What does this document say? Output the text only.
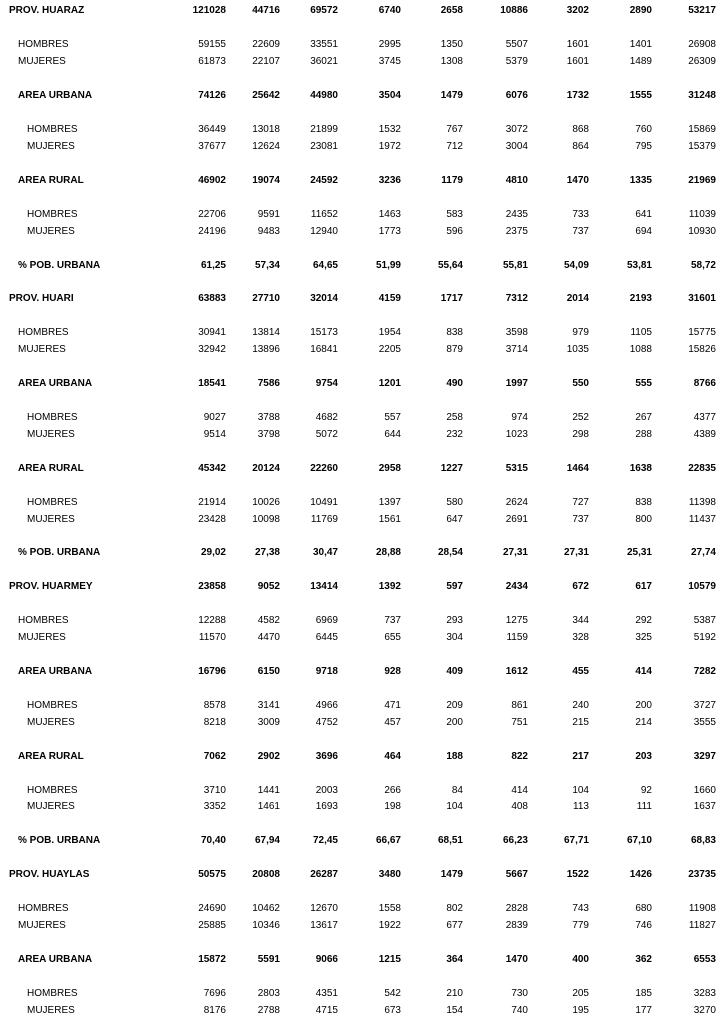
PROV. HUARAZ	121028	44716	69572	6740	2658	10886	3202	2890	53217
HOMBRES	59155	22609	33551	2995	1350	5507	1601	1401	26908
MUJERES	61873	22107	36021	3745	1308	5379	1601	1489	26309
AREA URBANA	74126	25642	44980	3504	1479	6076	1732	1555	31248
HOMBRES	36449	13018	21899	1532	767	3072	868	760	15869
MUJERES	37677	12624	23081	1972	712	3004	864	795	15379
AREA RURAL	46902	19074	24592	3236	1179	4810	1470	1335	21969
HOMBRES	22706	9591	11652	1463	583	2435	733	641	11039
MUJERES	24196	9483	12940	1773	596	2375	737	694	10930
% POB. URBANA	61,25	57,34	64,65	51,99	55,64	55,81	54,09	53,81	58,72
PROV. HUARI	63883	27710	32014	4159	1717	7312	2014	2193	31601
HOMBRES	30941	13814	15173	1954	838	3598	979	1105	15775
MUJERES	32942	13896	16841	2205	879	3714	1035	1088	15826
AREA URBANA	18541	7586	9754	1201	490	1997	550	555	8766
HOMBRES	9027	3788	4682	557	258	974	252	267	4377
MUJERES	9514	3798	5072	644	232	1023	298	288	4389
AREA RURAL	45342	20124	22260	2958	1227	5315	1464	1638	22835
HOMBRES	21914	10026	10491	1397	580	2624	727	838	11398
MUJERES	23428	10098	11769	1561	647	2691	737	800	11437
% POB. URBANA	29,02	27,38	30,47	28,88	28,54	27,31	27,31	25,31	27,74
PROV. HUARMEY	23858	9052	13414	1392	597	2434	672	617	10579
HOMBRES	12288	4582	6969	737	293	1275	344	292	5387
MUJERES	11570	4470	6445	655	304	1159	328	325	5192
AREA URBANA	16796	6150	9718	928	409	1612	455	414	7282
HOMBRES	8578	3141	4966	471	209	861	240	200	3727
MUJERES	8218	3009	4752	457	200	751	215	214	3555
AREA RURAL	7062	2902	3696	464	188	822	217	203	3297
HOMBRES	3710	1441	2003	266	84	414	104	92	1660
MUJERES	3352	1461	1693	198	104	408	113	111	1637
% POB. URBANA	70,40	67,94	72,45	66,67	68,51	66,23	67,71	67,10	68,83
PROV. HUAYLAS	50575	20808	26287	3480	1479	5667	1522	1426	23735
HOMBRES	24690	10462	12670	1558	802	2828	743	680	11908
MUJERES	25885	10346	13617	1922	677	2839	779	746	11827
AREA URBANA	15872	5591	9066	1215	364	1470	400	362	6553
HOMBRES	7696	2803	4351	542	210	730	205	185	3283
MUJERES	8176	2788	4715	673	154	740	195	177	3270
